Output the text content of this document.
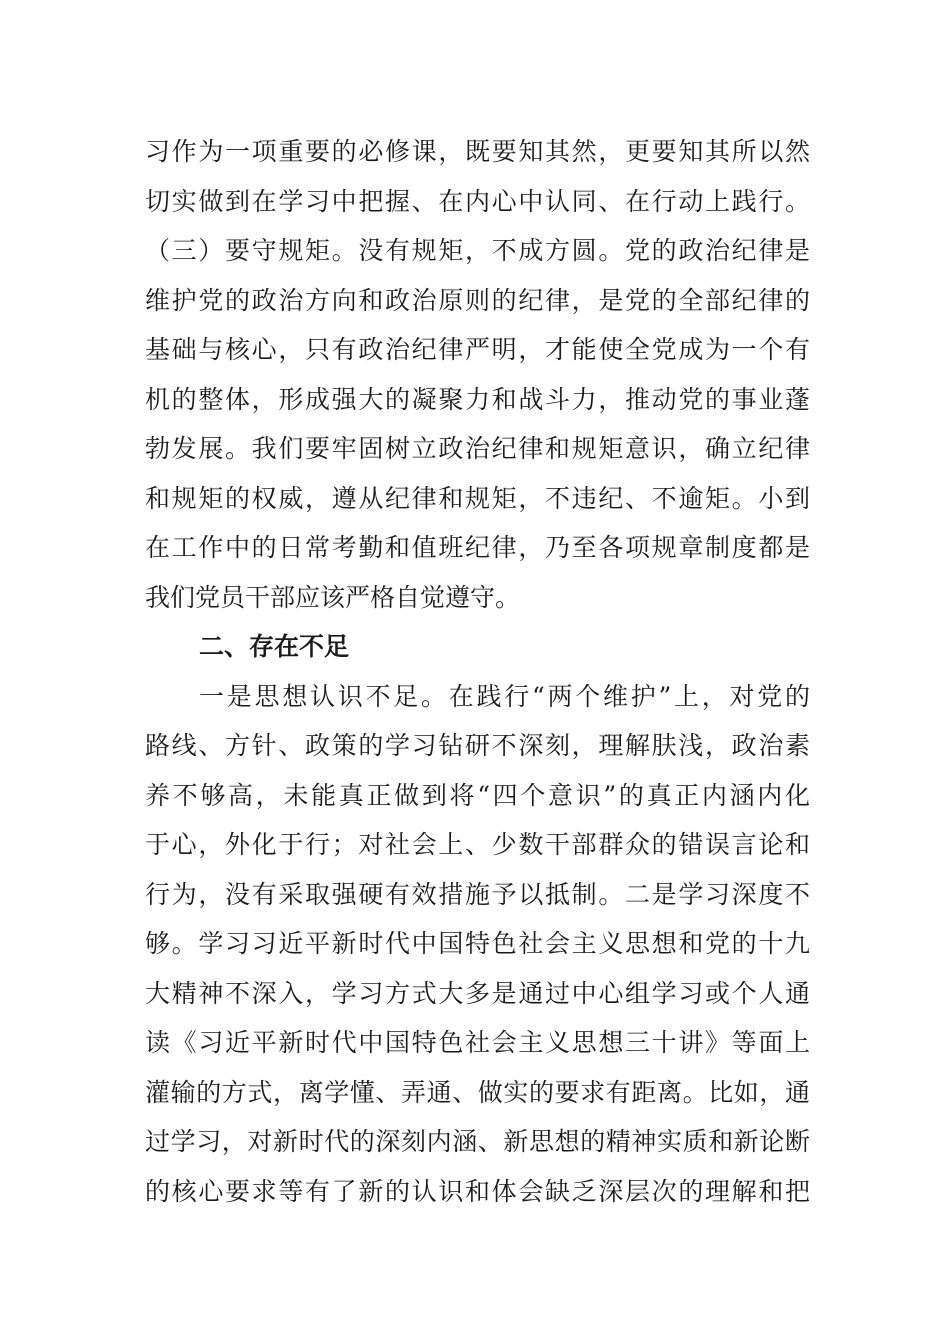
习作为一项重要的必修课，既要知其然，更要知其所以然
切实做到在学习中把握、在内心中认同、在行动上践行。
（三）要守规矩。没有规矩，不成方圆。党的政治纪律是
维护党的政治方向和政治原则的纪律，是党的全部纪律的
基础与核心，只有政治纪律严明，才能使全党成为一个有
机的整体，形成强大的凝聚力和战斗力，推动党的事业蓬
勃发展。我们要牢固树立政治纪律和规矩意识，确立纪律
和规矩的权威，遵从纪律和规矩，不违纪、不逾矩。小到
在工作中的日常考勤和值班纪律，乃至各项规章制度都是
我们党员干部应该严格自觉遵守。
二、存在不足
一是思想认识不足。在践行“两个维护”上，对党的
路线、方针、政策的学习钻研不深刻，理解肤浅，政治素
养不够高，未能真正做到将“四个意识”的真正内涵内化
于心，外化于行；对社会上、少数干部群众的错误言论和
行为，没有采取强硬有效措施予以抵制。二是学习深度不
够。学习习近平新时代中国特色社会主义思想和党的十九
大精神不深入，学习方式大多是通过中心组学习或个人通
读《习近平新时代中国特色社会主义思想三十讲》等面上
灌输的方式，离学懂、弄通、做实的要求有距离。比如，通
过学习，对新时代的深刻内涵、新思想的精神实质和新论断
的核心要求等有了新的认识和体会缺乏深层次的理解和把
